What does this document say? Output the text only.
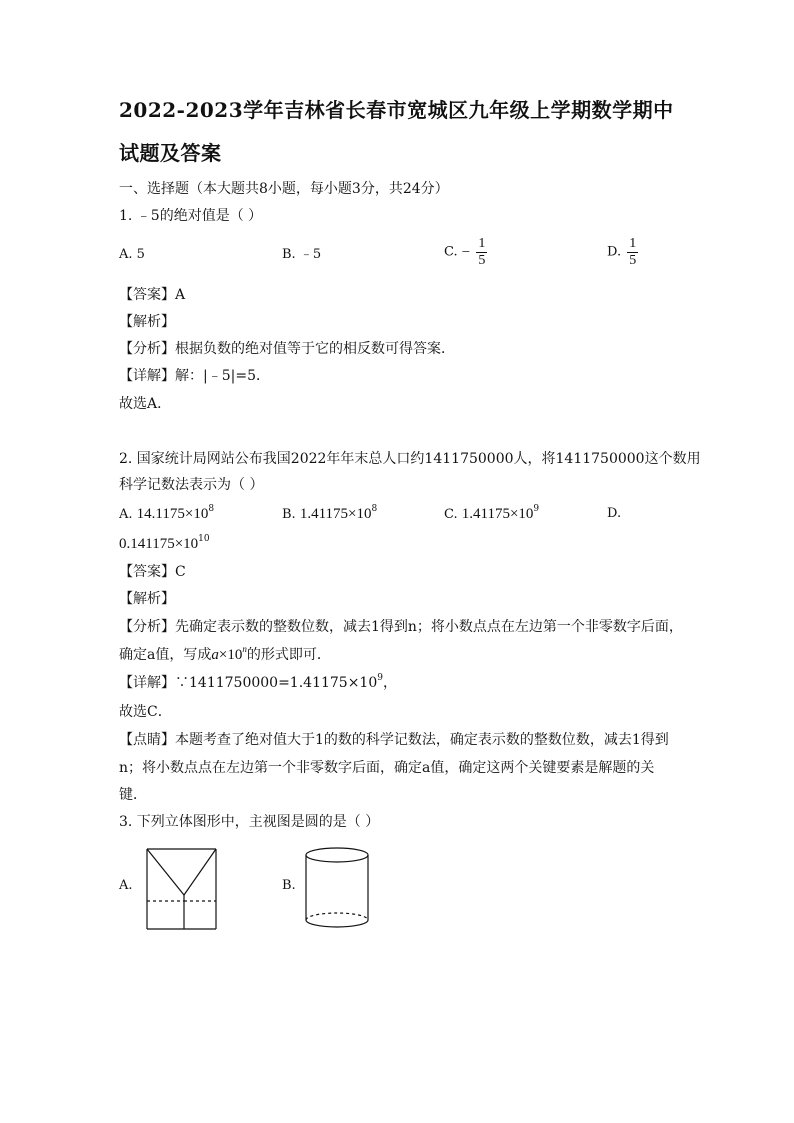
2022-2023学年吉林省长春市宽城区九年级上学期数学期中
试题及答案
一、选择题（本大题共8小题，每小题3分，共24分）
1. ﹣5的绝对值是（ ）
A. 5	B. ﹣5	C. − $\frac{1}{5}$	D. $\frac{1}{5}$
【答案】A
【解析】
【分析】根据负数的绝对值等于它的相反数可得答案．
【详解】解：|﹣5|=5．
故选A．
2. 国家统计局网站公布我国2022年年末总人口约1411750000人，将1411750000这个数用
科学记数法表示为（ ）
A. $14.1175\times 10^8$	B. $1.41175\times 10^8$	C. $1.41175\times 10^9$	D.
$0.141175\times 10^{10}$
【答案】C
【解析】
【分析】先确定表示数的整数位数，减去1得到n；将小数点点在左边第一个非零数字后面，
确定a值，写成$a\times 10^n$的形式即可．
【详解】$\because 1411750000=1.41175\times 10^9$，
故选C．
【点睛】本题考查了绝对值大于1的数的科学记数法，确定表示数的整数位数，减去1得到
n；将小数点点在左边第一个非零数字后面，确定a值，确定这两个关键要素是解题的关
键．
3. 下列立体图形中，主视图是圆的是（ ）
A.	B.
